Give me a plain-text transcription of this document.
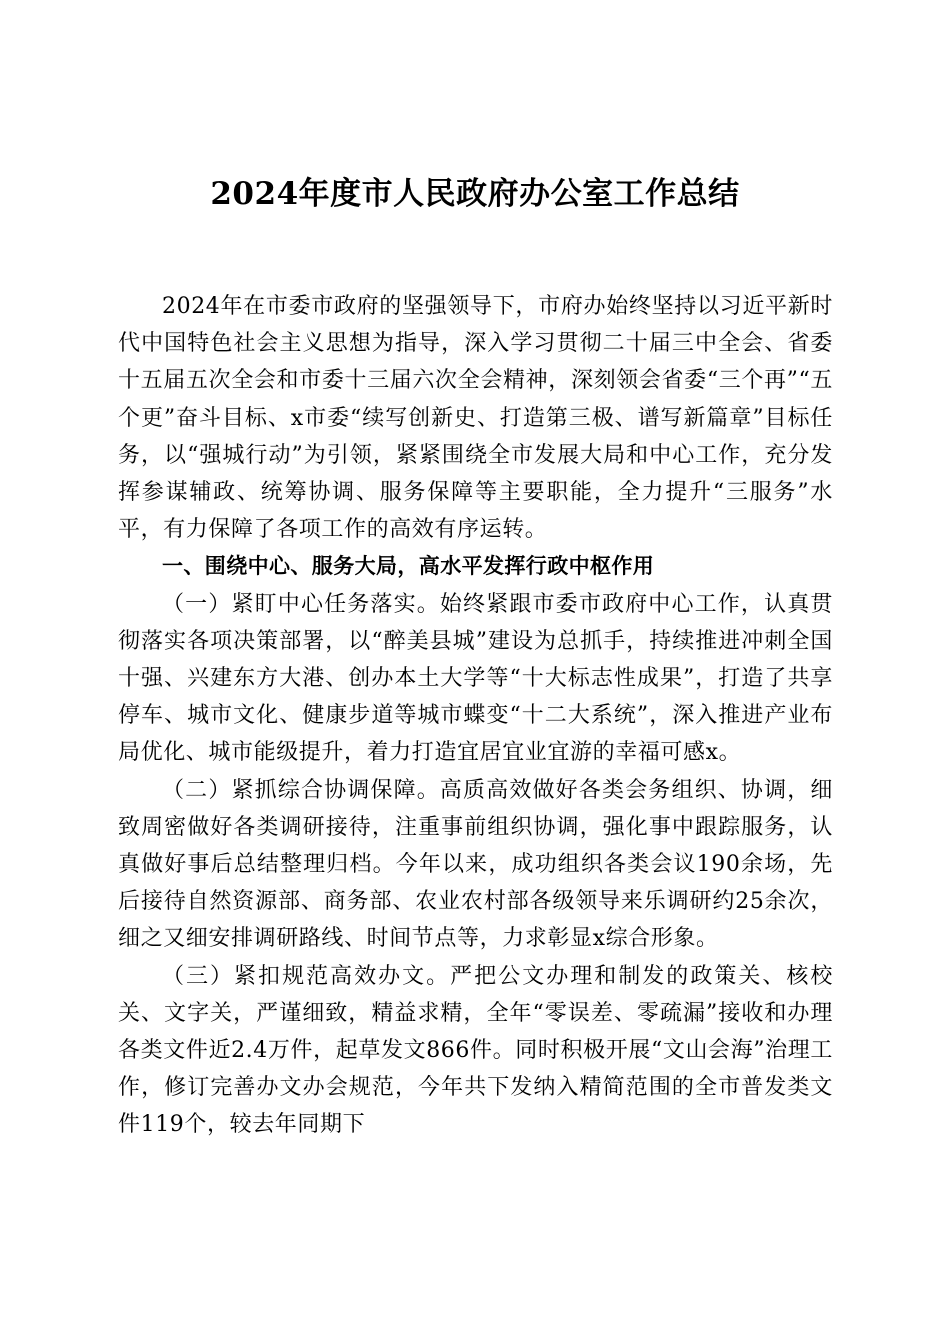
2024年度市人民政府办公室工作总结

2024年在市委市政府的坚强领导下，市府办始终坚持以习近平新时代中国特色社会主义思想为指导，深入学习贯彻二十届三中全会、省委十五届五次全会和市委十三届六次全会精神，深刻领会省委“三个再”“五个更”奋斗目标、x市委“续写创新史、打造第三极、谱写新篇章”目标任务，以“强城行动”为引领，紧紧围绕全市发展大局和中心工作，充分发挥参谋辅政、统筹协调、服务保障等主要职能，全力提升“三服务”水平，有力保障了各项工作的高效有序运转。

一、围绕中心、服务大局，高水平发挥行政中枢作用

（一）紧盯中心任务落实。始终紧跟市委市政府中心工作，认真贯彻落实各项决策部署，以“醉美县城”建设为总抓手，持续推进冲刺全国十强、兴建东方大港、创办本土大学等“十大标志性成果”，打造了共享停车、城市文化、健康步道等城市蝶变“十二大系统”，深入推进产业布局优化、城市能级提升，着力打造宜居宜业宜游的幸福可感x。

（二）紧抓综合协调保障。高质高效做好各类会务组织、协调，细致周密做好各类调研接待，注重事前组织协调，强化事中跟踪服务，认真做好事后总结整理归档。今年以来，成功组织各类会议190余场，先后接待自然资源部、商务部、农业农村部各级领导来乐调研约25余次，细之又细安排调研路线、时间节点等，力求彰显x综合形象。

（三）紧扣规范高效办文。严把公文办理和制发的政策关、核校关、文字关，严谨细致，精益求精，全年“零误差、零疏漏”接收和办理各类文件近2.4万件，起草发文866件。同时积极开展“文山会海”治理工作，修订完善办文办会规范，今年共下发纳入精简范围的全市普发类文件119个，较去年同期下
